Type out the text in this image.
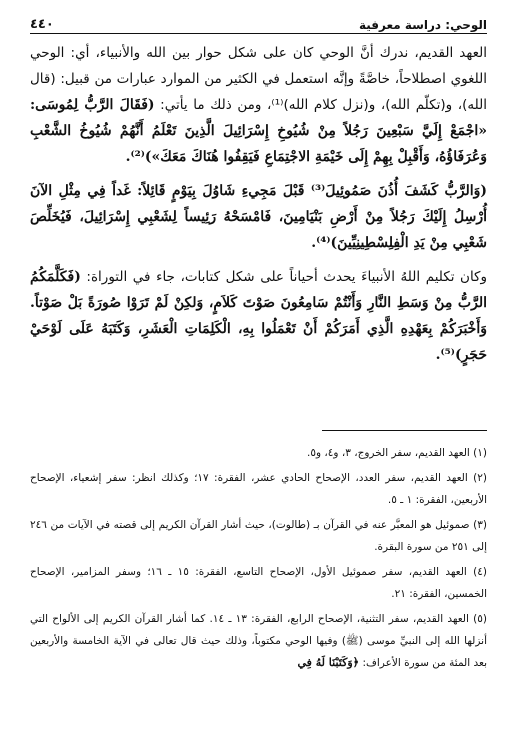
الوحي: دراسة معرفية
٤٤٠

العهد القديم، ندرك أنَّ الوحي كان على شكل حوار بين الله والأنبياء، أي: الوحي اللغوي اصطلاحاً، خاصَّةً وإنَّه استعمل في الكثير من الموارد عبارات من قبيل: (قال الله)، و(تكلّم الله)، و(نزل كلام الله)⁽¹⁾، ومن ذلك ما يأتي: (فَقَالَ الرَّبُّ لِمُوسَى: «اجْمَعْ إِلَيَّ سَبْعِينَ رَجُلاً مِنْ شُيُوخِ إِسْرَائِيلَ الَّذِينَ تَعْلَمُ أَنَّهُمْ شُيُوخُ الشَّعْبِ وَعُرَفَاؤُهُ، وَأَقْبِلْ بِهِمْ إِلَى خَيْمَةِ الاجْتِمَاعِ فَيَقِفُوا هُنَاكَ مَعَكَ»)⁽²⁾.

(وَالرَّبُّ كَشَفَ أُذُنَ صَمُوئِيلَ⁽³⁾ قَبْلَ مَجِيءِ شَاوُلَ بِيَوْمٍ قَائِلاً: غَداً فِي مِثْلِ الآنَ أُرْسِلُ إِلَيْكَ رَجُلاً مِنْ أَرْضِ بَنْيَامِينَ، فَامْسَحْهُ رَئِيساً لِشَعْبِي إِسْرَائِيلَ، فَيُخَلِّصَ شَعْبِي مِنْ يَدِ الْفِلِسْطِينِيِّينَ)⁽⁴⁾.

وكان تكليم اللهُ الأنبياءَ يحدث أحياناً على شكل كتابات، جاء في التوراة: (فَكَلَّمَكُمُ الرَّبُّ مِنْ وَسَطِ النَّارِ وَأَنْتُمْ سَامِعُونَ صَوْتَ كَلاَمٍ، وَلكِنْ لَمْ تَرَوْا صُورَةً بَلْ صَوْتاً. وَأَخْبَرَكُمْ بِعَهْدِهِ الَّذِي أَمَرَكُمْ أَنْ تَعْمَلُوا بِهِ، الْكَلِمَاتِ الْعَشَرِ، وَكَتَبَهُ عَلَى لَوْحَيْ حَجَرٍ)⁽⁵⁾.

(١) العهد القديم، سفر الخروج، ٣، و٤، و٥.

(٢) العهد القديم، سفر العدد، الإصحاح الحادي عشر، الفقرة: ١٧؛ وكذلك انظر: سفر إشعياء، الإصحاح الأربعين، الفقرة: ١ ـ ٥.

(٣) صموئيل هو المعبَّر عنه في القرآن بـ (طالوت)، حيث أشار القرآن الكريم إلى قصته في الآيات من ٢٤٦ إلى ٢٥١ من سورة البقرة.

(٤) العهد القديم، سفر صموئيل الأول، الإصحاح التاسع، الفقرة: ١٥ ـ ١٦؛ وسفر المزامير، الإصحاح الخمسين، الفقرة: ٢١.

(٥) العهد القديم، سفر التثنية، الإصحاح الرابع، الفقرة: ١٣ ـ ١٤. كما أشار القرآن الكريم إلى الألواح التي أنزلها الله إلى النبيِّ موسى (ﷺ) وفيها الوحي مكتوباً، وذلك حيث قال تعالى في الآية الخامسة والأربعين بعد المئة من سورة الأعراف: ﴿وَكَتَبْنَا لَهُ فِي
